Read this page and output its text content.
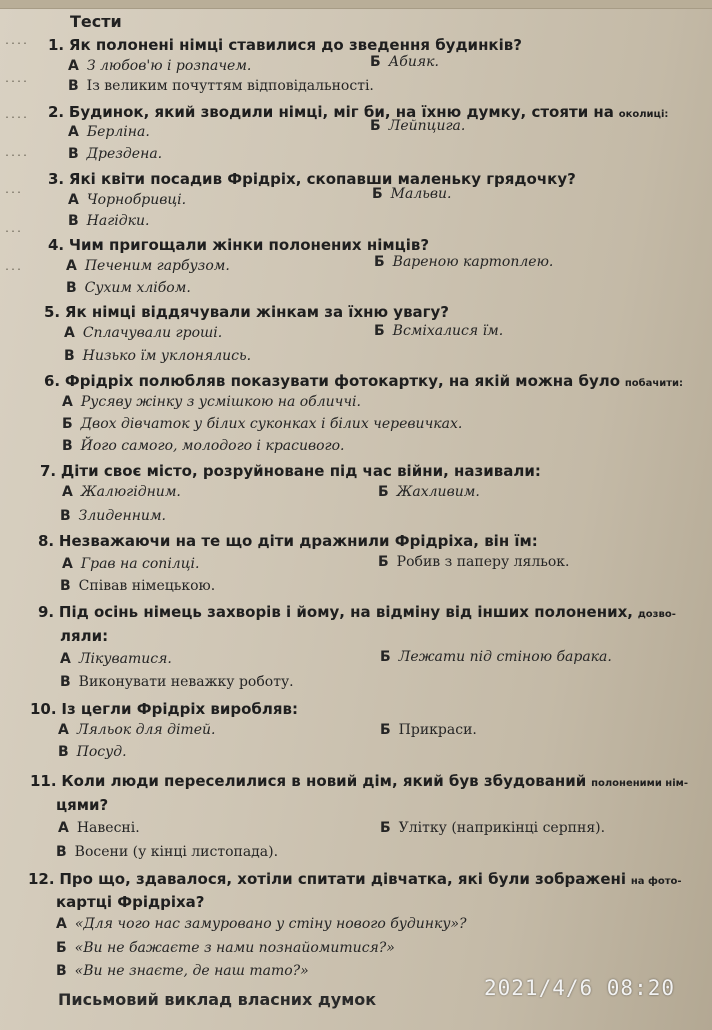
....
....
....
....
...
...
...
Тести
1. Як полонені німці ставилися до зведення будинків?
А З любов'ю і розпачем.	Б Абияк.
В Із великим почуттям відповідальності.
2. Будинок, який зводили німці, міг би, на їхню думку, стояти на околиці:
А Берліна.	Б Лейпцига.
В Дрездена.
3. Які квіти посадив Фрідріх, скопавши маленьку грядочку?
А Чорнобривці.	Б Мальви.
В Нагідки.
4. Чим пригощали жінки полонених німців?
А Печеним гарбузом.	Б Вареною картоплею.
В Сухим хлібом.
5. Як німці віддячували жінкам за їхню увагу?
А Сплачували гроші.	Б Всміхалися їм.
В Низько їм уклонялись.
6. Фрідріх полюбляв показувати фотокартку, на якій можна було побачити:
А Русяву жінку з усмішкою на обличчі.
Б Двох дівчаток у білих суконках і білих черевичках.
В Його самого, молодого і красивого.
7. Діти своє місто, розруйноване під час війни, називали:
А Жалюгідним.	Б Жахливим.
В Злиденним.
8. Незважаючи на те що діти дражнили Фрідріха, він їм:
А Грав на сопілці.	Б Робив з паперу ляльок.
В Співав німецькою.
9. Під осінь німець захворів і йому, на відміну від інших полонених, дозво-
ляли:
А Лікуватися.	Б Лежати під стіною барака.
В Виконувати неважку роботу.
10. Із цегли Фрідріх виробляв:
А Ляльок для дітей.	Б Прикраси.
В Посуд.
11. Коли люди переселилися в новий дім, який був збудований полоненими нім-
цями?
А Навесні.	Б Улітку (наприкінці серпня).
В Восени (у кінці листопада).
12. Про що, здавалося, хотіли спитати дівчатка, які були зображені на фото-
картці Фрідріха?
А «Для чого нас замуровано у стіну нового будинку»?
Б «Ви не бажаєте з нами познайомитися?»
В «Ви не знаєте, де наш тато?»
Письмовий виклад власних думок	2021/4/6 08:20
